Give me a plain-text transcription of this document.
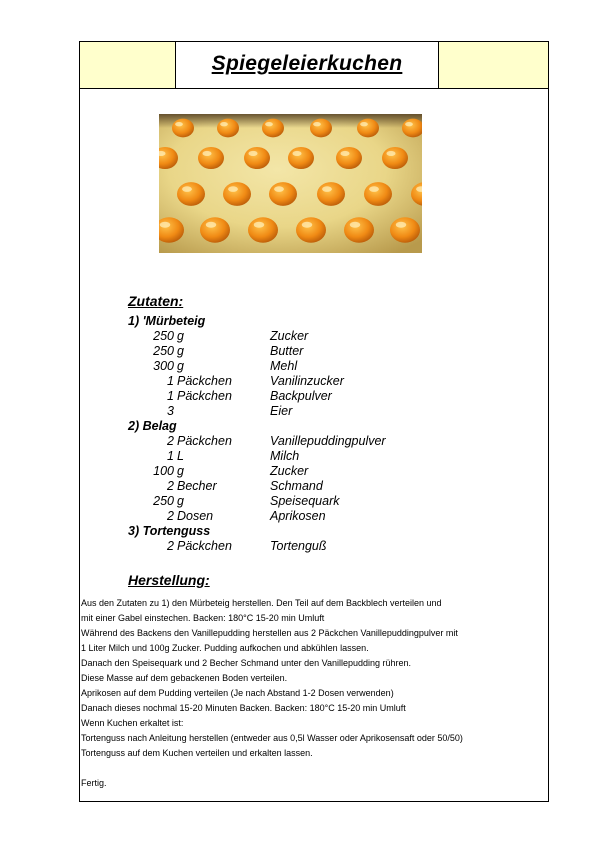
Spiegeleierkuchen
Zutaten:
1) 'Mürbeteig
250 g	Zucker
250 g	Butter
300 g	Mehl
1 Päckchen	Vanilinzucker
1 Päckchen	Backpulver
3	Eier
2) Belag
2 Päckchen	Vanillepuddingpulver
1 L	Milch
100 g	Zucker
2 Becher	Schmand
250 g	Speisequark
2 Dosen	Aprikosen
3) Tortenguss
2 Päckchen	Tortenguß
Herstellung:
Aus den Zutaten zu 1) den Mürbeteig herstellen. Den Teil auf dem Backblech verteilen und
mit einer Gabel einstechen. Backen: 180°C 15-20 min Umluft
Während des Backens den Vanillepudding herstellen aus 2 Päckchen Vanillepuddingpulver mit
1 Liter Milch und 100g Zucker. Pudding aufkochen und abkühlen lassen.
Danach den Speisequark und 2 Becher Schmand unter den Vanillepudding rühren.
Diese Masse auf dem gebackenen Boden verteilen.
Aprikosen auf dem Pudding verteilen (Je nach Abstand 1-2 Dosen verwenden)
Danach dieses nochmal 15-20 Minuten Backen. Backen: 180°C 15-20 min Umluft
Wenn Kuchen erkaltet ist:
Tortenguss nach Anleitung herstellen (entweder aus 0,5l Wasser oder Aprikosensaft oder 50/50)
Tortenguss auf dem Kuchen verteilen und erkalten lassen.
Fertig.
